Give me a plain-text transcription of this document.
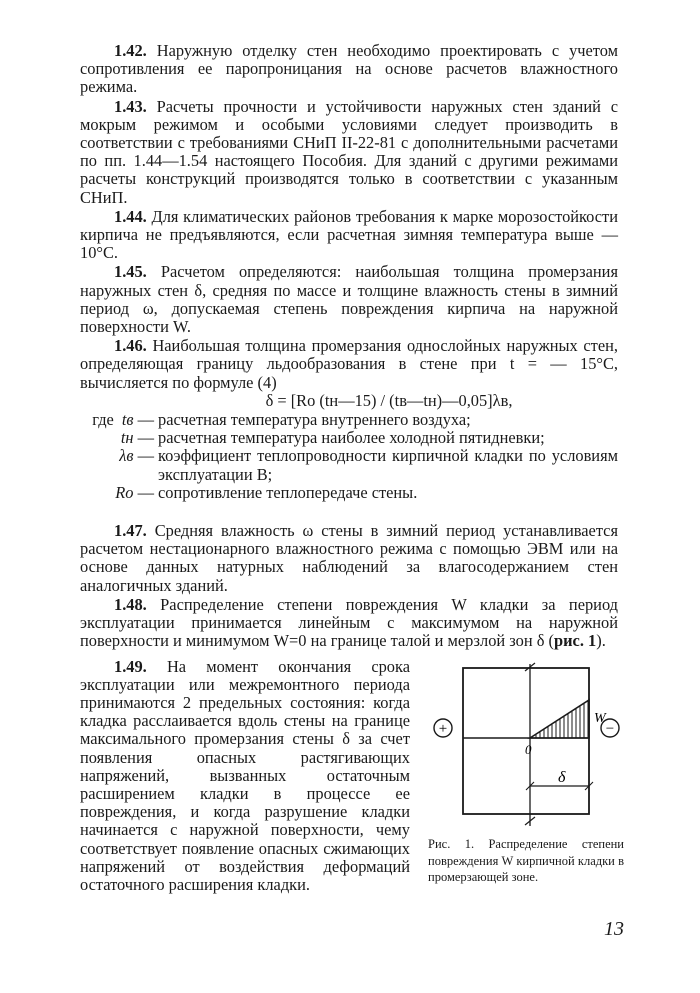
1.42. Наружную отделку стен необходимо проектировать с учетом сопротивления ее паропроницания на основе расчетов влажностного режима.

1.43. Расчеты прочности и устойчивости наружных стен зданий с мокрым режимом и особыми условиями следует производить в соответствии с требованиями СНиП II-22-81 с дополнительными расчетами по пп. 1.44—1.54 настоящего Пособия. Для зданий с другими режимами расчеты конструкций производятся только в соответствии с указанным СНиП.

1.44. Для климатических районов требования к марке морозостойкости кирпича не предъявляются, если расчетная зимняя температура выше — 10°С.

1.45. Расчетом определяются: наибольшая толщина промерзания наружных стен δ, средняя по массе и толщине влажность стены в зимний период ω, допускаемая степень повреждения кирпича на наружной поверхности W.

1.46. Наибольшая толщина промерзания однослойных наружных стен, определяющая границу льдообразования в стене при t = — 15°С, вычисляется по формуле (4)

δ = [Rо (tн—15) / (tв—tн)—0,05]λв,
где tв —	расчетная температура внутреннего воздуха;
tн —	расчетная температура наиболее холодной пятидневки;
λв —	коэффициент теплопроводности кирпичной кладки по условиям эксплуатации В;
Rо —	сопротивление теплопередаче стены.

1.47. Средняя влажность ω стены в зимний период устанавливается расчетом нестационарного влажностного режима с помощью ЭВМ или на основе данных натурных наблюдений за влагосодержанием стен аналогичных зданий.

1.48. Распределение степени повреждения W кладки за период эксплуатации принимается линейным с максимумом на наружной поверхности и минимумом W=0 на границе талой и мерзлой зон δ (рис. 1).

1.49. На момент окончания срока эксплуатации или межремонтного периода принимаются 2 предельных состояния: когда кладка расслаивается вдоль стены на границе максимального промерзания стены δ за счет появления опасных растягивающих напряжений, вызванных остаточным расширением кладки в процессе ее повреждения, и когда разрушение кладки начинается с наружной поверхности, чему соответствует появление опасных сжимающих напряжений от воздействия деформаций остаточного расширения кладки.

W
0
+	−
δ
Рис. 1. Распределение степени повреждения W кирпичной кладки в промерзающей зоне.
13
